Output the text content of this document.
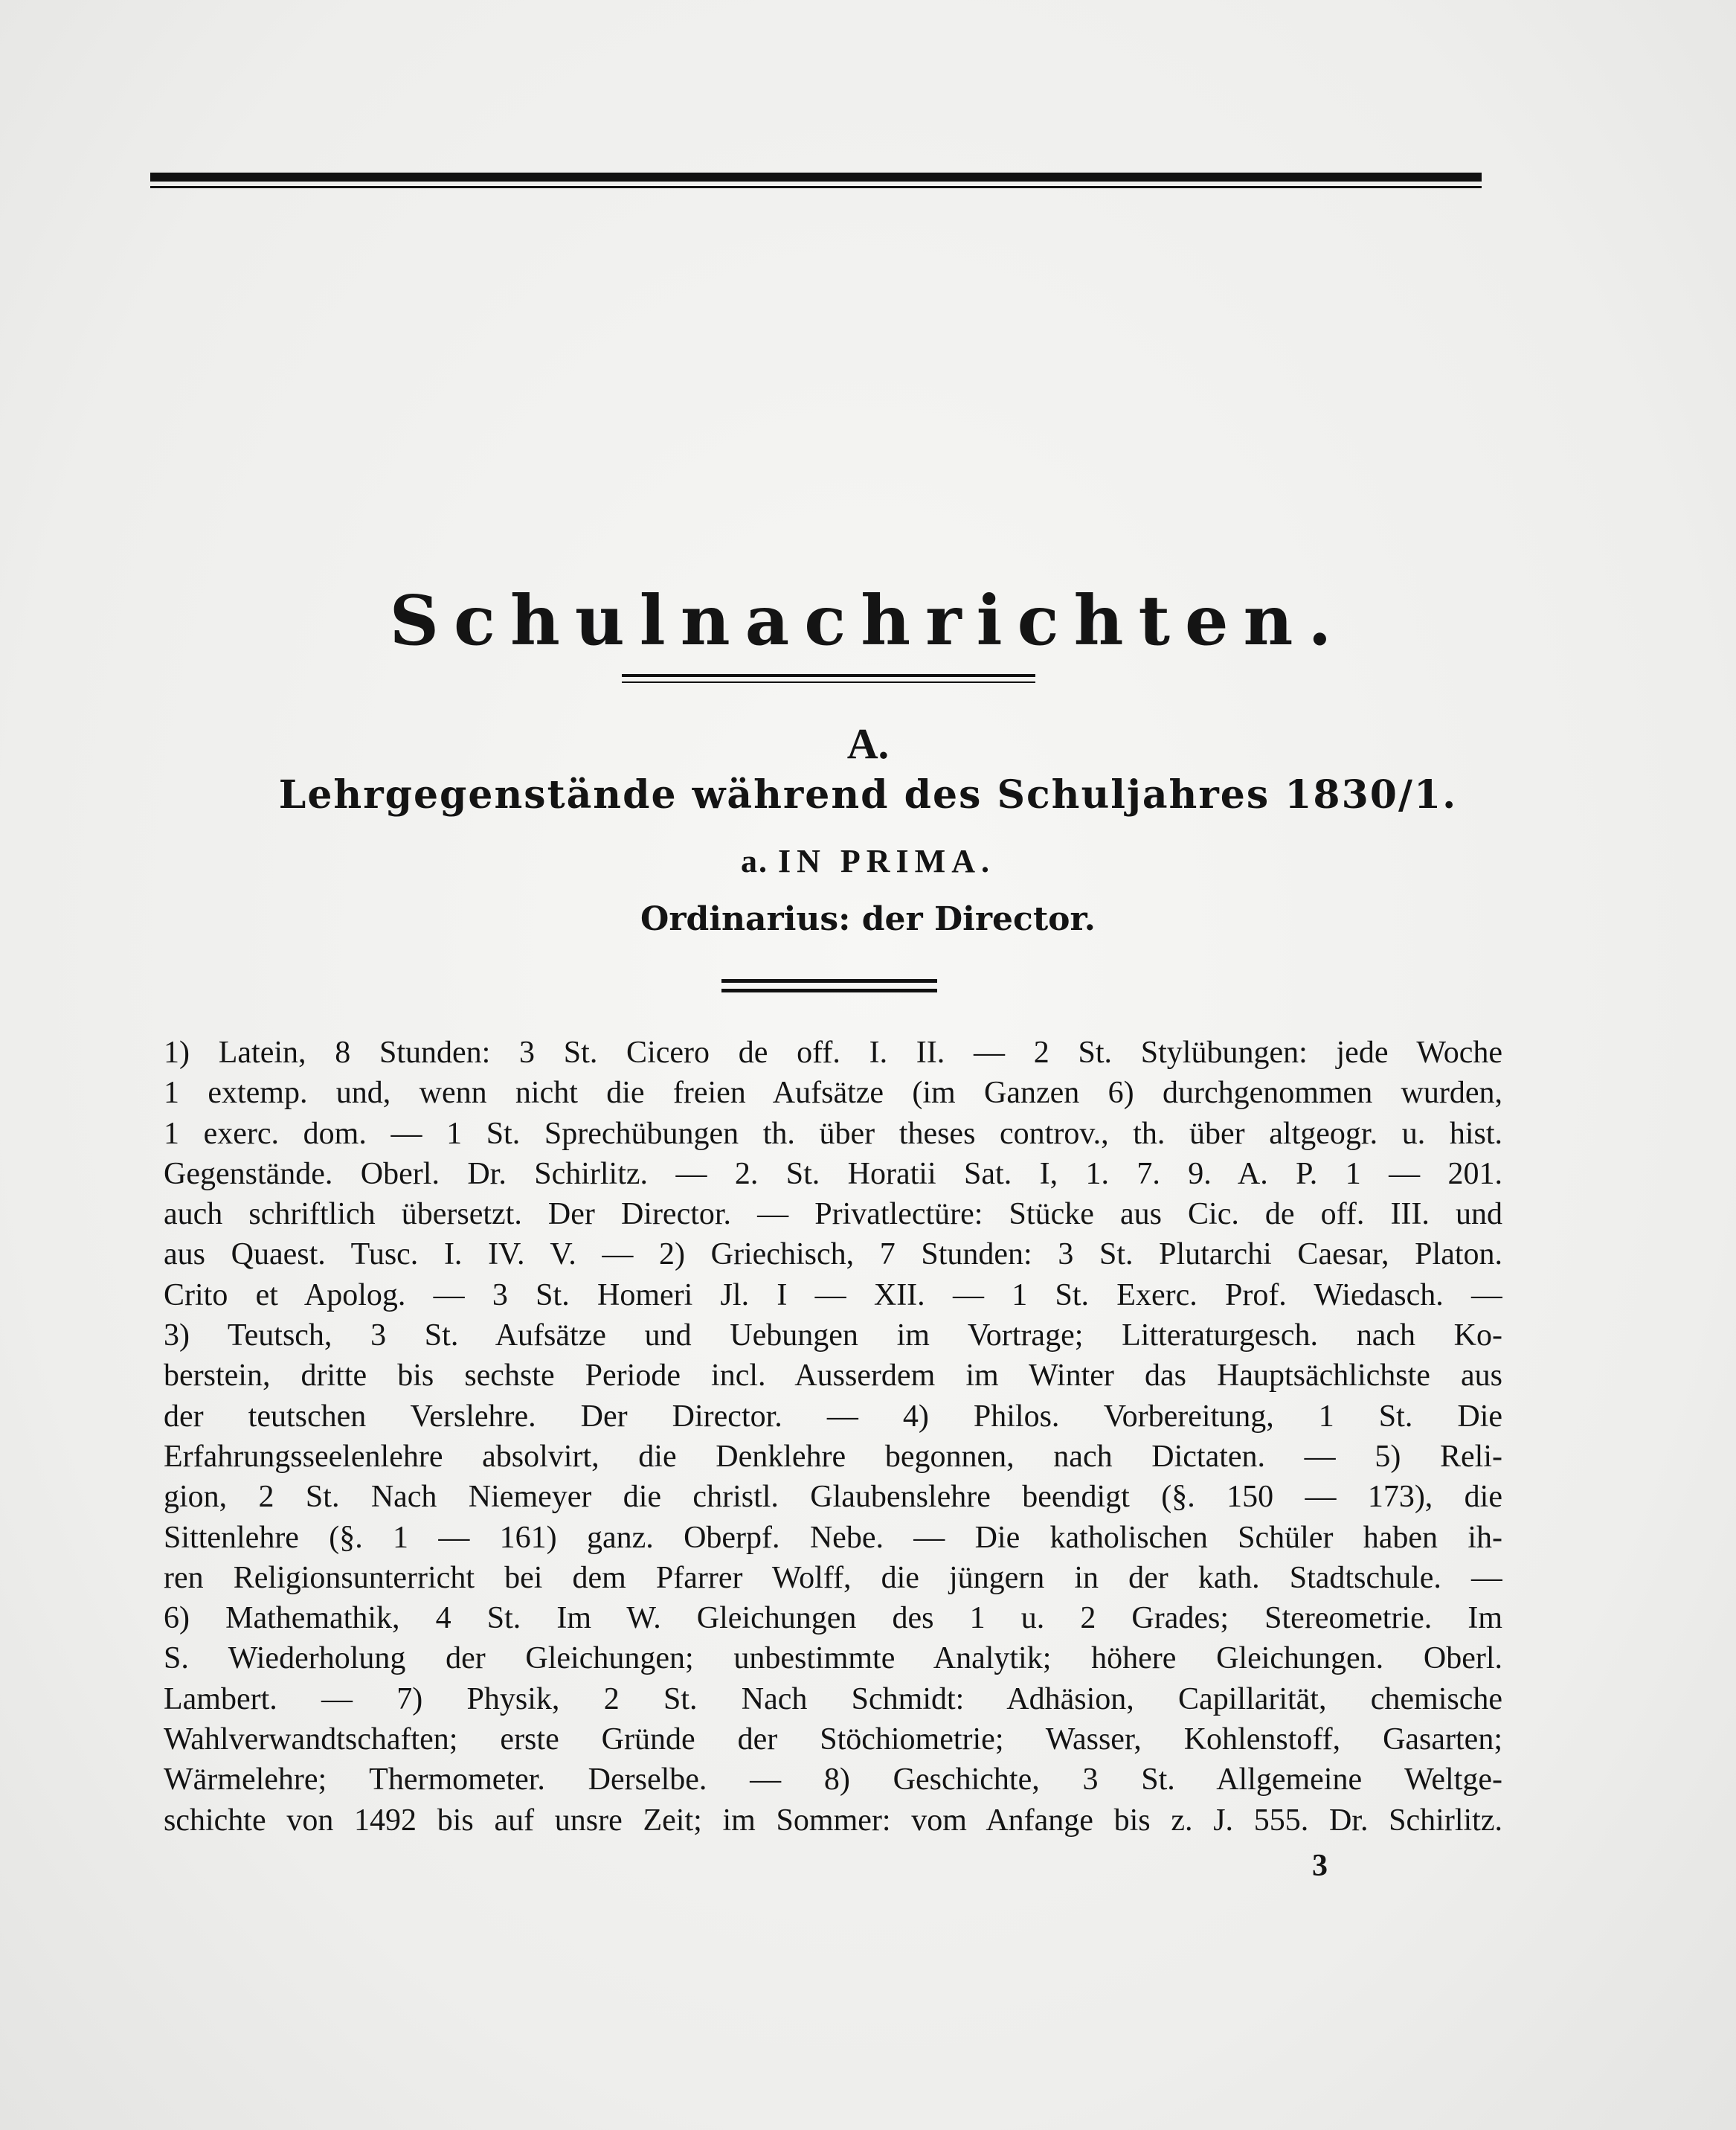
Schulnachrichten.
A.
Lehrgegenstände während des Schuljahres 1830/1.
a. IN PRIMA.
Ordinarius: der Director.
1) Latein, 8 Stunden: 3 St. Cicero de off. I. II. — 2 St. Stylübungen: jede Woche
1 extemp. und, wenn nicht die freien Aufsätze (im Ganzen 6) durchgenommen wurden,
1 exerc. dom. — 1 St. Sprechübungen th. über theses controv., th. über altgeogr. u. hist.
Gegenstände. Oberl. Dr. Schirlitz. — 2. St. Horatii Sat. I, 1. 7. 9. A. P. 1 — 201.
auch schriftlich übersetzt. Der Director. — Privatlectüre: Stücke aus Cic. de off. III. und
aus Quaest. Tusc. I. IV. V. — 2) Griechisch, 7 Stunden: 3 St. Plutarchi Caesar, Platon.
Crito et Apolog. — 3 St. Homeri Jl. I — XII. — 1 St. Exerc. Prof. Wiedasch. —
3) Teutsch, 3 St. Aufsätze und Uebungen im Vortrage; Litteraturgesch. nach Ko-
berstein, dritte bis sechste Periode incl. Ausserdem im Winter das Hauptsächlichste aus
der teutschen Verslehre. Der Director. — 4) Philos. Vorbereitung, 1 St. Die
Erfahrungsseelenlehre absolvirt, die Denklehre begonnen, nach Dictaten. — 5) Reli-
gion, 2 St. Nach Niemeyer die christl. Glaubenslehre beendigt (§. 150 — 173), die
Sittenlehre (§. 1 — 161) ganz. Oberpf. Nebe. — Die katholischen Schüler haben ih-
ren Religionsunterricht bei dem Pfarrer Wolff, die jüngern in der kath. Stadtschule. —
6) Mathemathik, 4 St. Im W. Gleichungen des 1 u. 2 Grades; Stereometrie. Im
S. Wiederholung der Gleichungen; unbestimmte Analytik; höhere Gleichungen. Oberl.
Lambert. — 7) Physik, 2 St. Nach Schmidt: Adhäsion, Capillarität, chemische
Wahlverwandtschaften; erste Gründe der Stöchiometrie; Wasser, Kohlenstoff, Gasarten;
Wärmelehre; Thermometer. Derselbe. — 8) Geschichte, 3 St. Allgemeine Weltge-
schichte von 1492 bis auf unsre Zeit; im Sommer: vom Anfange bis z. J. 555. Dr. Schirlitz.
3
